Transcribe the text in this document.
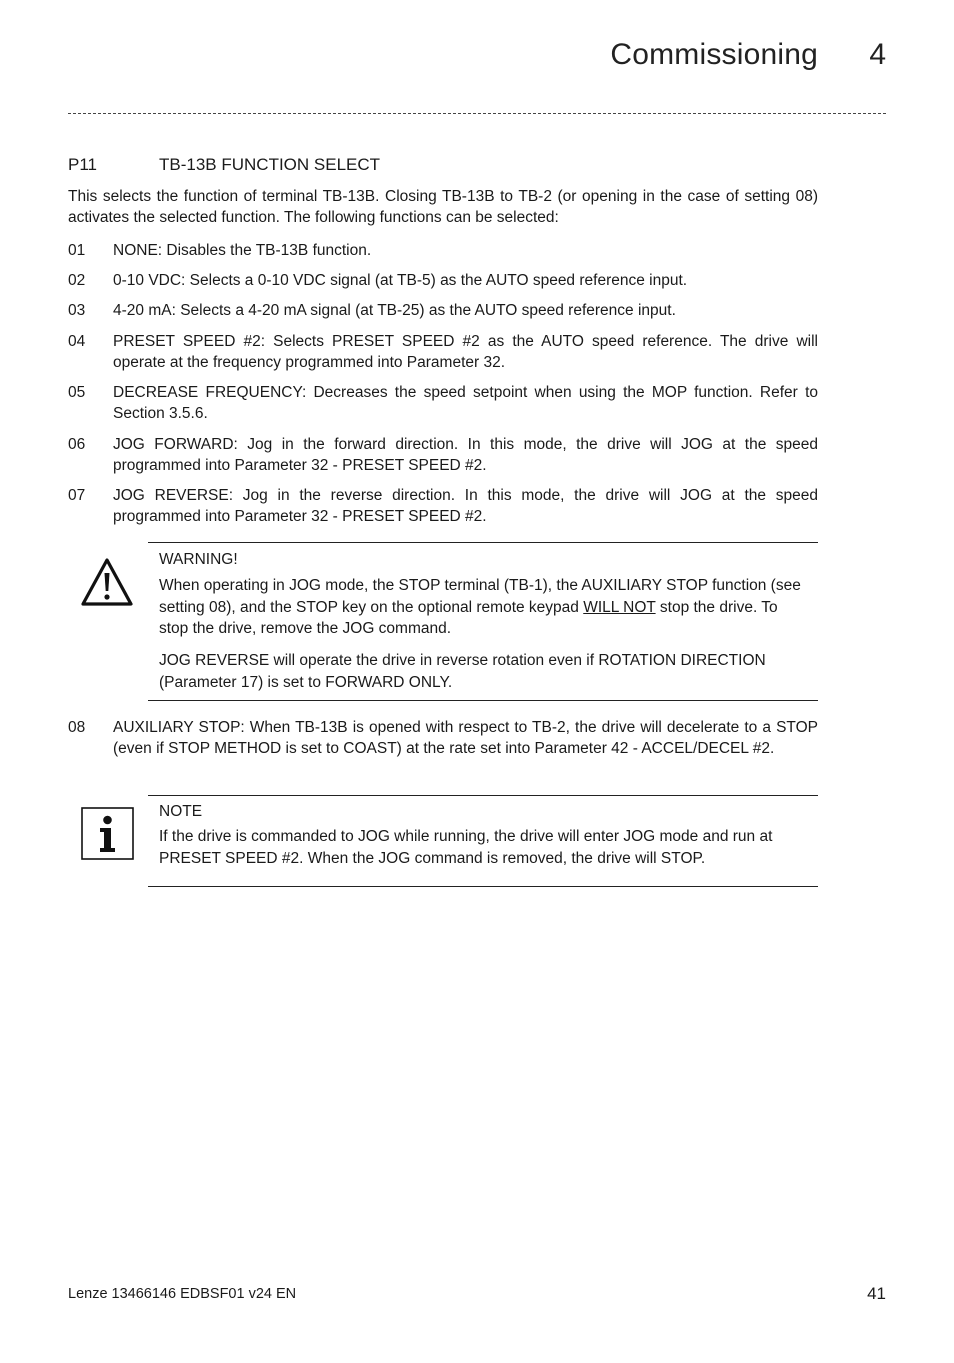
Commissioning 4
P11	TB-13B FUNCTION SELECT
This selects the function of terminal TB-13B. Closing TB-13B to TB-2 (or opening in the case of setting 08) activates the selected function. The following functions can be selected:
01 NONE: Disables the TB-13B function.
02 0-10 VDC: Selects a 0-10 VDC signal (at TB-5) as the AUTO speed reference input.
03 4-20 mA: Selects a 4-20 mA signal (at TB-25) as the AUTO speed reference input.
04 PRESET SPEED #2: Selects PRESET SPEED #2 as the AUTO speed reference. The drive will operate at the frequency programmed into Parameter 32.
05 DECREASE FREQUENCY: Decreases the speed setpoint when using the MOP function. Refer to Section 3.5.6.
06 JOG FORWARD: Jog in the forward direction. In this mode, the drive will JOG at the speed programmed into Parameter 32 - PRESET SPEED #2.
07 JOG REVERSE: Jog in the reverse direction. In this mode, the drive will JOG at the speed programmed into Parameter 32 - PRESET SPEED #2.
WARNING!
When operating in JOG mode, the STOP terminal (TB-1), the AUXILIARY STOP function (see setting 08), and the STOP key on the optional remote keypad WILL NOT stop the drive. To stop the drive, remove the JOG command.
JOG REVERSE will operate the drive in reverse rotation even if ROTATION DIRECTION (Parameter 17) is set to FORWARD ONLY.
08 AUXILIARY STOP: When TB-13B is opened with respect to TB-2, the drive will decelerate to a STOP (even if STOP METHOD is set to COAST) at the rate set into Parameter 42 - ACCEL/DECEL #2.
NOTE
If the drive is commanded to JOG while running, the drive will enter JOG mode and run at PRESET SPEED #2. When the JOG command is removed, the drive will STOP.
Lenze 13466146 EDBSF01 v24 EN	41
